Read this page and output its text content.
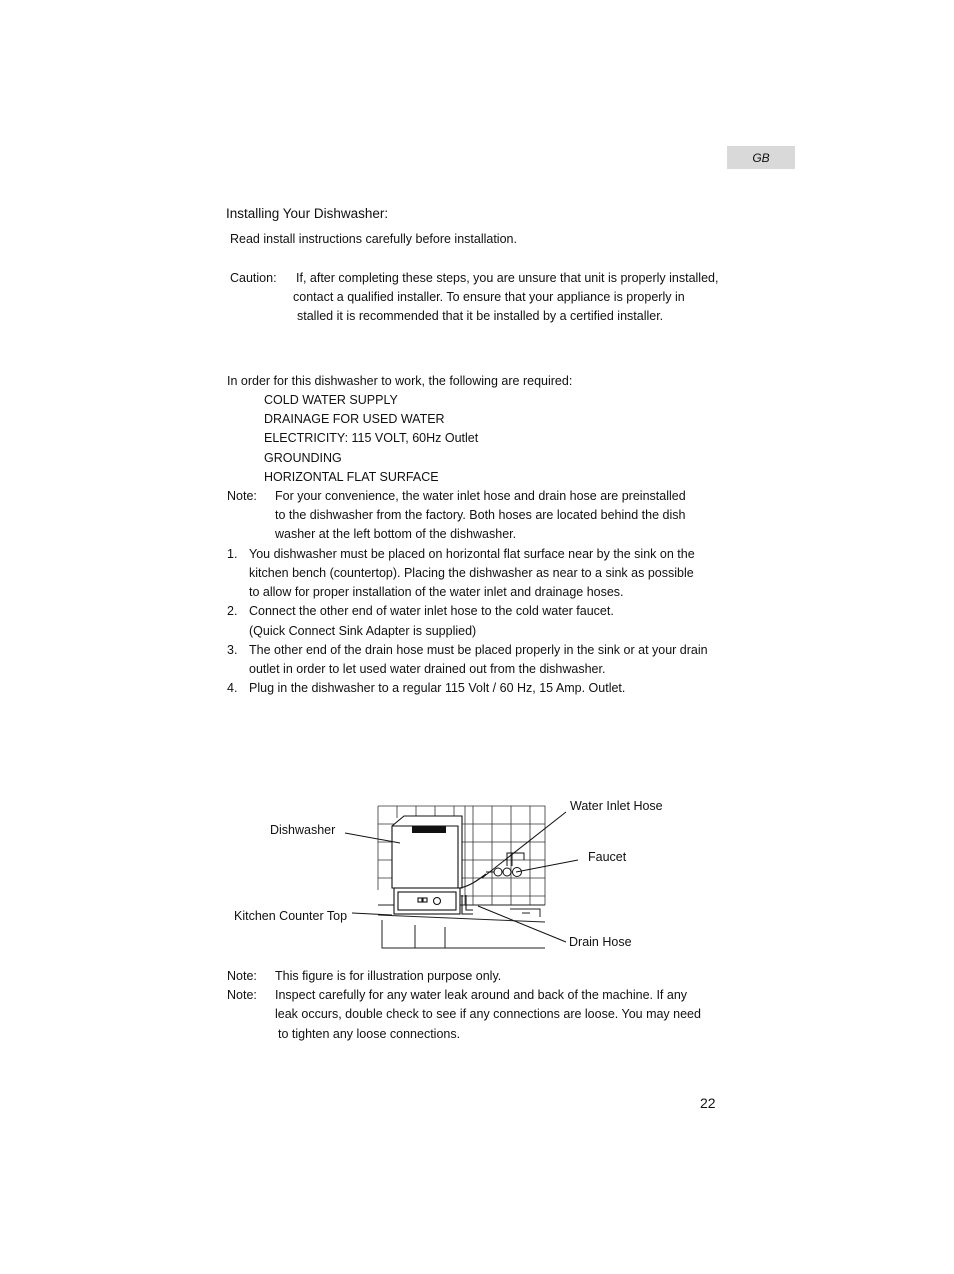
GB
Installing Your Dishwasher:
Read install instructions carefully before installation.
Caution: If, after completing these steps, you are unsure that unit is properly installed,
contact a qualified installer. To ensure that your appliance is properly in
stalled it is recommended that it be installed by a certified installer.
In order for this dishwasher to work, the following are required:
COLD WATER SUPPLY
DRAINAGE FOR USED WATER
ELECTRICITY: 115 VOLT, 60Hz Outlet
GROUNDING
HORIZONTAL FLAT SURFACE
Note: For your convenience, the water inlet hose and drain hose are preinstalled
to the dishwasher from the factory. Both hoses are located behind the dish
washer at the left bottom of the dishwasher.
1. You dishwasher must be placed on horizontal flat surface near by the sink on the
kitchen bench (countertop). Placing the dishwasher as near to a sink as possible
to allow for proper installation of the water inlet and drainage hoses.
2. Connect the other end of water inlet hose to the cold water faucet.
(Quick Connect Sink Adapter is supplied)
3. The other end of the drain hose must be placed properly in the sink or at your drain
outlet in order to let used water drained out from the dishwasher.
4. Plug in the dishwasher to a regular 115 Volt / 60 Hz, 15 Amp. Outlet.
Water Inlet Hose
Dishwasher
Faucet
Kitchen Counter Top
Drain Hose
Note: This figure is for illustration purpose only.
Note: Inspect carefully for any water leak around and back of the machine. If any
leak occurs, double check to see if any connections are loose. You may need
to tighten any loose connections.
22
